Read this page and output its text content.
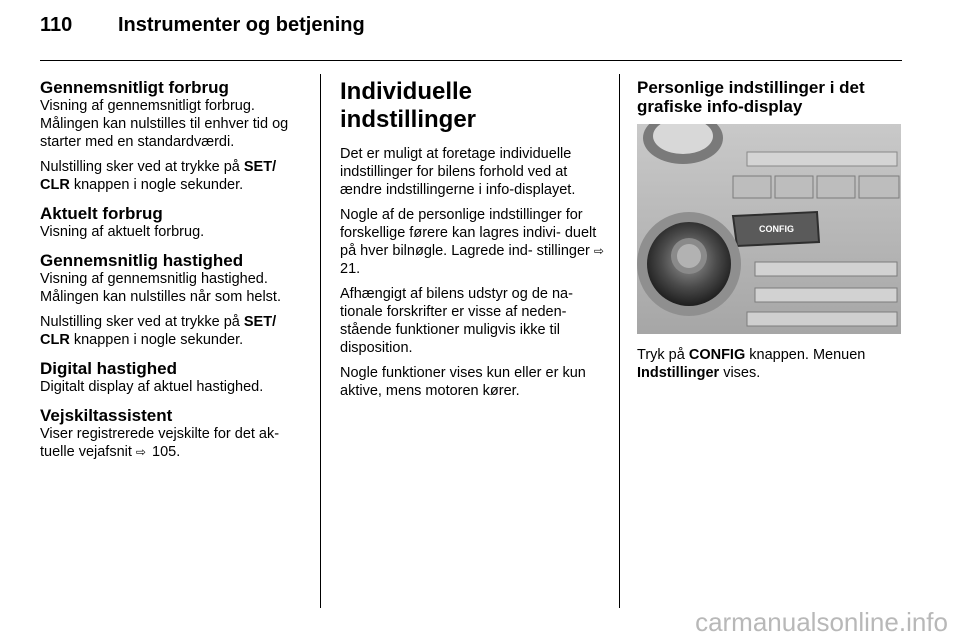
110 Instrumenter og betjening
Gennemsnitligt forbrug

Visning af gennemsnitligt forbrug. Målingen kan nulstilles til enhver tid og starter med en standardværdi.

Nulstilling sker ved at trykke på SET/ CLR knappen i nogle sekunder.

Aktuelt forbrug

Visning af aktuelt forbrug.

Gennemsnitlig hastighed

Visning af gennemsnitlig hastighed. Målingen kan nulstilles når som helst.

Nulstilling sker ved at trykke på SET/ CLR knappen i nogle sekunder.

Digital hastighed

Digitalt display af aktuel hastighed.

Vejskiltassistent

Viser registrerede vejskilte for det ak- tuelle vejafsnit ⇨ 105.

Individuelle indstillinger

Det er muligt at foretage individuelle indstillinger for bilens forhold ved at ændre indstillingerne i info-displayet.

Nogle af de personlige indstillinger for forskellige førere kan lagres indivi- duelt på hver bilnøgle. Lagrede ind- stillinger ⇨ 21.

Afhængigt af bilens udstyr og de na- tionale forskrifter er visse af neden- stående funktioner muligvis ikke til disposition.

Nogle funktioner vises kun eller er kun aktive, mens motoren kører.

Personlige indstillinger i det grafiske info-display
CONFIG

Tryk på CONFIG knappen. Menuen Indstillinger vises.

carmanualsonline.info
